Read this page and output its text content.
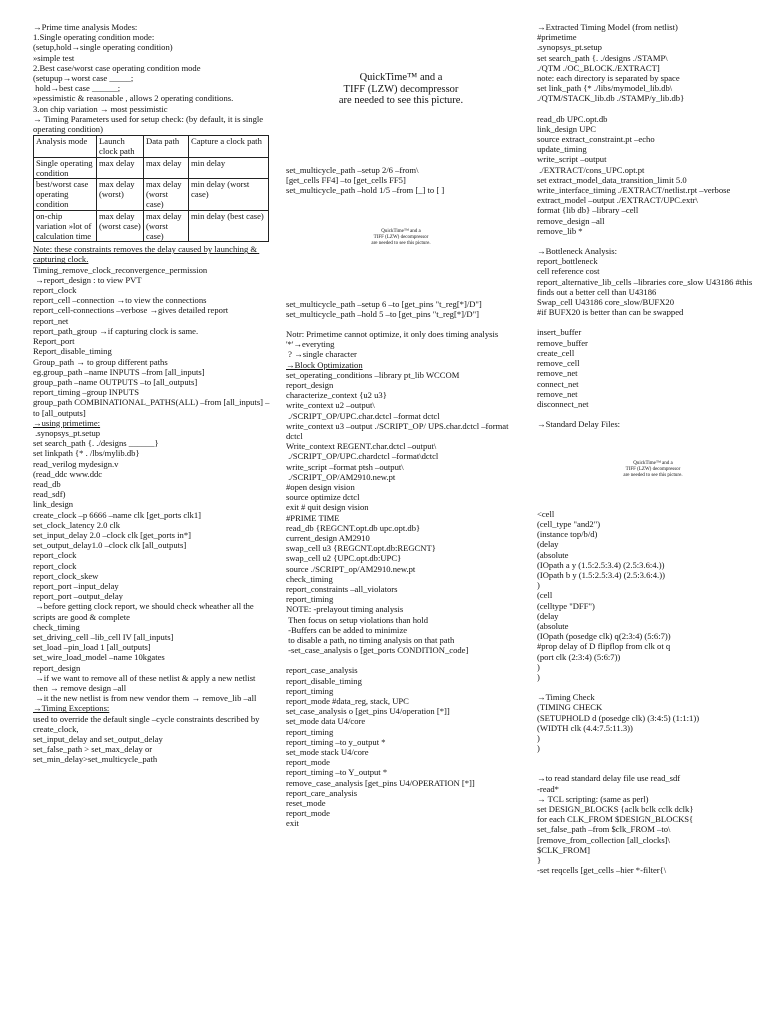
→Prime time analysis Modes:
1.Single operating condition mode:
(setup,hold→single operating condition)
»simple test
2.Best case/worst case operating condition mode
(setupup→worst case _____;
hold→best case ______;
»pessimistic & reasonable , allows 2 operating conditions.
3.on chip variation → most pessimistic
→ Timing Parameters used for setup check: (by default, it is single operating condition)
Analysis mode	Launch clock path	Data path	Capture a clock path
Single operating condition	max delay	max delay	min delay
best/worst case operating condition	max delay (worst)	max delay (worst case)	min delay (worst case)
on-chip variation »lot of calculation time	max delay (worst case)	max delay (worst case)	min delay (best case)
Note: these constraints removes the delay caused by launching & capturing clock.
Timing_remove_clock_reconvergence_permission
→report_design : to view PVT
report_clock
report_cell –connection →to view the connections
report_cell-connections –verbose →gives detailed report
report_net
report_path_group →if capturing clock is same.
Report_port
Report_disable_timing
Group_path → to group different paths
eg.group_path –name INPUTS –from [all_inputs]
group_path –name OUTPUTS –to [all_outputs]
report_timing –group INPUTS
group_path COMBINATIONAL_PATHS(ALL) –from [all_inputs] –to [all_outputs]
→using primetime:
.synopsys_pt.setup
set search_path {. ./designs ______}
set linkpath {* . /lbs/mylib.db}
read_verilog mydesign.v
(read_ddc www.ddc
read_db
read_sdf)
link_design
create_clock –p 6666 –name clk [get_ports clk1]
set_clock_latency 2.0 clk
set_input_delay 2.0 –clock clk [get_ports in*]
set_output_delay1.0 –clock clk [all_outputs]
report_clock
report_clock
report_clock_skew
report_port –input_delay
report_port –output_delay
→before getting clock report, we should check wheather all the scripts are good & complete
check_timing
set_driving_cell –lib_cell IV [all_inputs]
set_load –pin_load 1 [all_outputs]
set_wire_load_model –name 10kgates
report_design
→if we want to remove all of these netlist & apply a new netlist then → remove design –all
→it the new netlist is from new vendor them → remove_lib –all
→Timing Exceptions:
used to override the default single –cycle constraints described by create_clock,
set_input_delay and set_output_delay
set_false_path > set_max_delay or
set_min_delay>set_multicycle_path
QuickTime™ and a
TIFF (LZW) decompressor
are needed to see this picture.
set_multicycle_path –setup 2/6 –from\
[get_cells FF4] –to [get_cells FF5]
set_multicycle_path –hold 1/5 –from [_] to [ ]
QuickTime™ and a
TIFF (LZW) decompressor
are needed to see this picture.
set_multicycle_path –setup 6 –to [get_pins "t_reg[*]/D"]
set_multicycle_path –hold 5 –to [get_pins "t_reg[*]/D"]
Notr: Primetime cannot optimize, it only does timing analysis
'*'→everyting
? →single character
→Block Optimization
set_operating_conditions –library pt_lib WCCOM
report_design
characterize_context {u2 u3}
write_context u2 –output\
./SCRIPT_OP/UPC.char.dctcl –format dctcl
write_context u3 –output ./SCRIPT_OP/ UPS.char.dctcl –format dctcl
Write_context REGENT.char.dctcl –output\
./SCRIPT_OP/UPC.chardctcl –format\dctcl
write_script –format ptsh –output\
./SCRIPT_OP/AM2910.new.pt
#open design vision
source optimize dctcl
exit # quit design vision
#PRIME TIME
read_db {REGCNT.opt.db upc.opt.db}
current_design AM2910
swap_cell u3 {REGCNT.opt.db:REGCNT}
swap_cell u2 {UPC.opt.db:UPC}
source ./SCRIPT_op/AM2910.new.pt
check_timing
report_constraints –all_violators
report_timing
NOTE: -prelayout timing analysis
Then focus on setup violations than hold
-Buffers can be added to minimize
to disable a path, no timing analysis on that path
-set_case_analysis o [get_ports CONDITION_code]
report_case_analysis
report_disable_timing
report_timing
report_mode #data_reg, stack, UPC
set_case_analysis o [get_pins U4/operation [*]]
set_mode data U4/core
report_timing
report_timing –to y_output *
set_mode stack U4/core
report_mode
report_timing –to Y_output *
remove_case_analysis [get_pins U4/OPERATION [*]]
report_care_analysis
reset_mode
report_mode
exit
→Extracted Timing Model (from netlist)
#primetime
.synopsys_pt.setup
set search_path {. ./designs ./STAMP\
./QTM ./OC_BLOCK./EXTRACT]
note: each directory is separated by space
set link_path {* ./libs/mymodel_lib.db\
./QTM/STACK_lib.db ./STAMP/y_lib.db}
read_db UPC.opt.db
link_design UPC
source extract_constraint.pt –echo
update_timing
write_script –output
./EXTRACT/cons_UPC.opt.pt
set extract_model_data_transition_limit 5.0
write_interface_timing ./EXTRACT/netlist.rpt –verbose
extract_model –output ./EXTRACT/UPC.extr\
format {lib db} –library –cell
remove_design –all
remove_lib *
→Bottleneck Analysis:
report_bottleneck
cell reference cost
report_alternative_lib_cells –libraries core_slow U43186 #this finds out a better cell than U43186
Swap_cell U43186 core_slow/BUFX20
#if BUFX20 is better than can be swapped
insert_buffer
remove_buffer
create_cell
remove_cell
remove_net
connect_net
remove_net
disconnect_net
→Standard Delay Files:
QuickTime™ and a
TIFF (LZW) decompressor
are needed to see this picture.
<cell
(cell_type "and2")
(instance top/b/d)
(delay
(absolute
(IOpath a y (1.5:2.5:3.4) (2.5:3.6:4.))
(IOpath b y (1.5:2.5:3.4) (2.5:3.6:4.))
)
(cell
(celltype "DFF")
(delay
(absolute
(IOpath (posedge clk) q(2:3:4) (5:6:7))
#prop delay of D flipflop from clk ot q
(port clk (2:3:4) (5:6:7))
)
)
→Timing Check
(TIMING CHECK
(SETUPHOLD d (posedge clk) (3:4:5) (1:1:1))
(WIDTH clk (4.4:7.5:11.3))
)
)
→to read standard delay file use read_sdf
-read*
→ TCL scripting: (same as perl)
set DESIGN_BLOCKS {aclk bclk cclk dclk}
for each CLK_FROM $DESIGN_BLOCKS{
set_false_path –from $clk_FROM –to\
[remove_from_collection [all_clocks]\
$CLK_FROM]
}
-set reqcells [get_cells –hier *-filter{\
